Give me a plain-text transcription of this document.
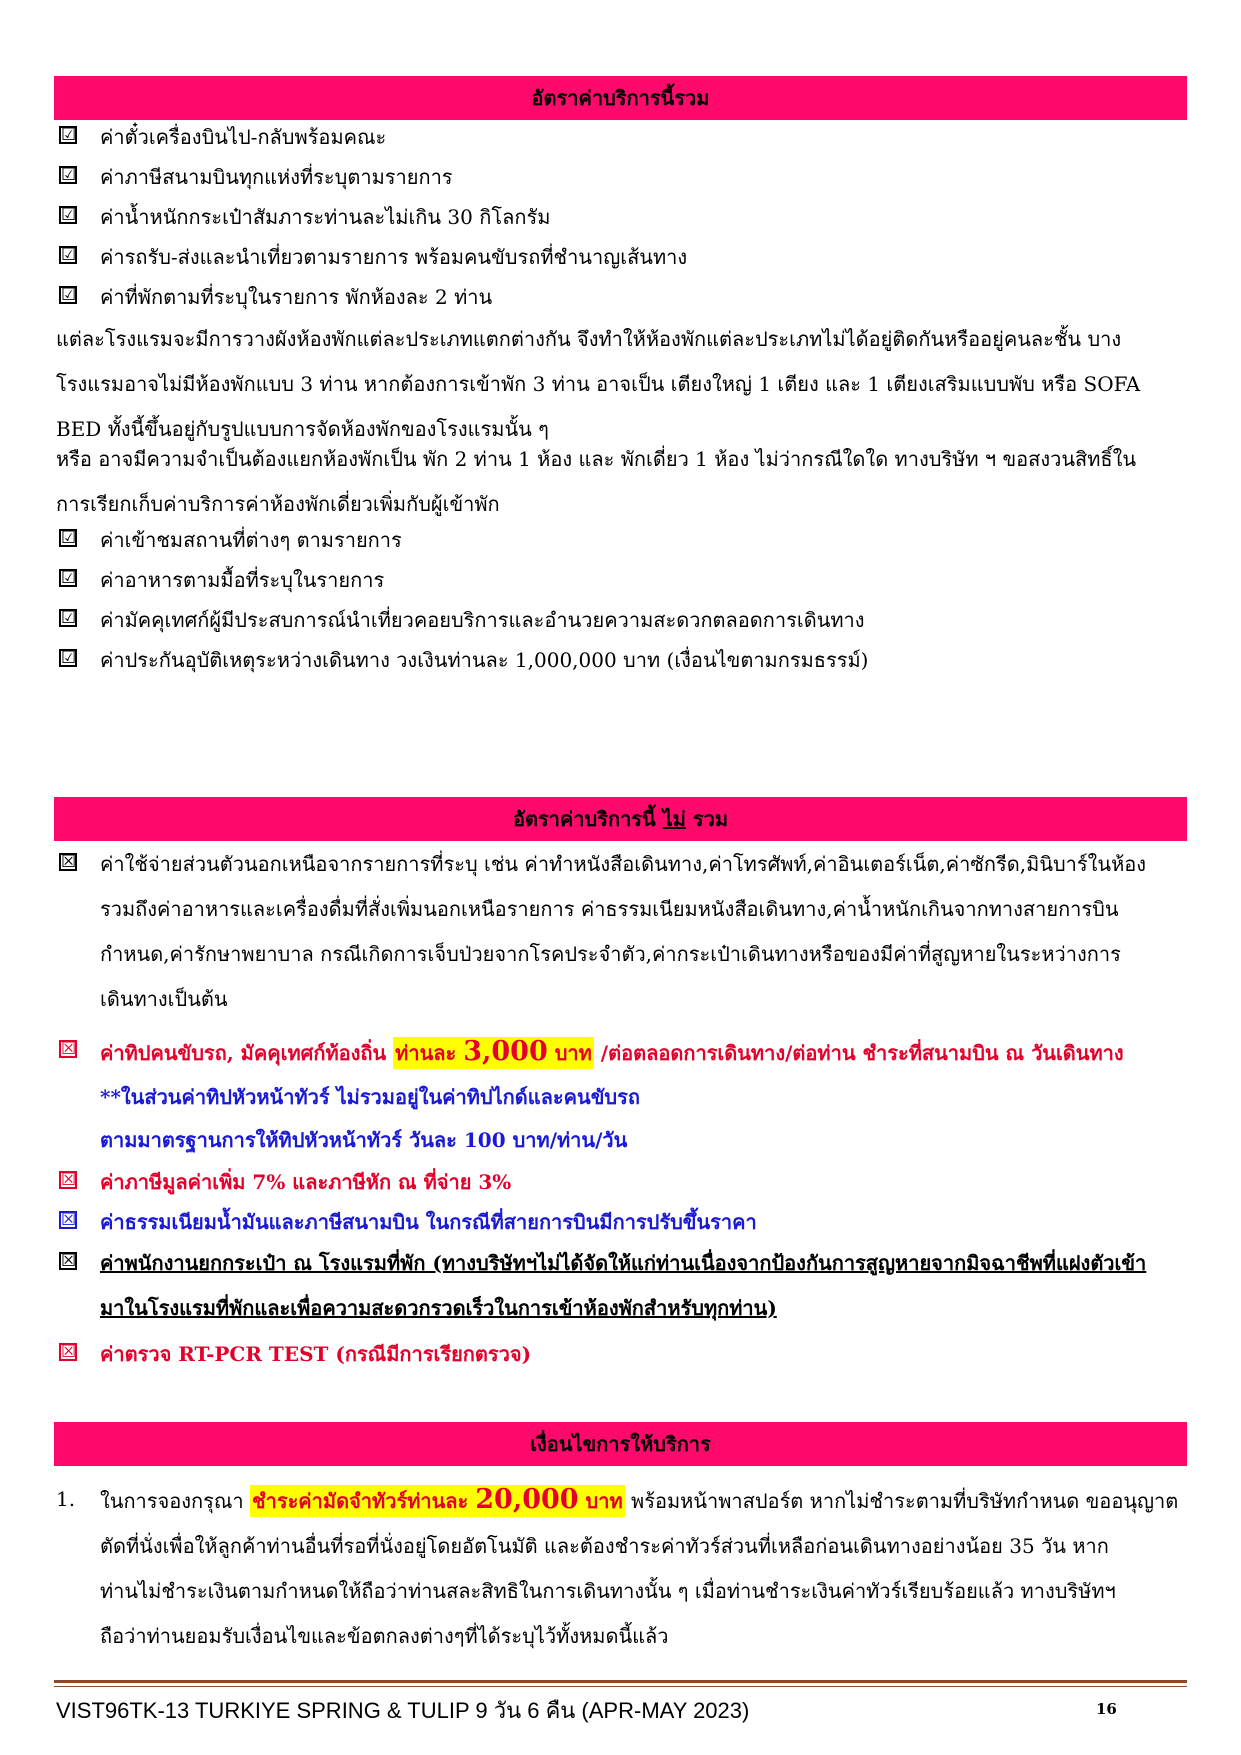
อัตราค่าบริการนี้รวม
☑ ค่าตั๋วเครื่องบินไป-กลับพร้อมคณะ
☑ ค่าภาษีสนามบินทุกแห่งที่ระบุตามรายการ
☑ ค่าน้ำหนักกระเป๋าสัมภาระท่านละไม่เกิน 30 กิโลกรัม
☑ ค่ารถรับ-ส่งและนำเที่ยวตามรายการ พร้อมคนขับรถที่ชำนาญเส้นทาง
☑ ค่าที่พักตามที่ระบุในรายการ พักห้องละ 2 ท่าน
แต่ละโรงแรมจะมีการวางผังห้องพักแต่ละประเภทแตกต่างกัน จึงทำให้ห้องพักแต่ละประเภทไม่ได้อยู่ติดกันหรืออยู่คนละชั้น บาง
โรงแรมอาจไม่มีห้องพักแบบ 3 ท่าน หากต้องการเข้าพัก 3 ท่าน อาจเป็น เตียงใหญ่ 1 เตียง และ 1 เตียงเสริมแบบพับ หรือ SOFA
BED ทั้งนี้ขึ้นอยู่กับรูปแบบการจัดห้องพักของโรงแรมนั้น ๆ
หรือ อาจมีความจำเป็นต้องแยกห้องพักเป็น พัก 2 ท่าน 1 ห้อง และ พักเดี่ยว 1 ห้อง ไม่ว่ากรณีใดใด ทางบริษัท ฯ ขอสงวนสิทธิ์ใน
การเรียกเก็บค่าบริการค่าห้องพักเดี่ยวเพิ่มกับผู้เข้าพัก
☑ ค่าเข้าชมสถานที่ต่างๆ ตามรายการ
☑ ค่าอาหารตามมื้อที่ระบุในรายการ
☑ ค่ามัคคุเทศก์ผู้มีประสบการณ์นำเที่ยวคอยบริการและอำนวยความสะดวกตลอดการเดินทาง
☑ ค่าประกันอุบัติเหตุระหว่างเดินทาง วงเงินท่านละ 1,000,000 บาท (เงื่อนไขตามกรมธรรม์)
อัตราค่าบริการนี้ ไม่ รวม
☒ ค่าใช้จ่ายส่วนตัวนอกเหนือจากรายการที่ระบุ เช่น ค่าทำหนังสือเดินทาง,ค่าโทรศัพท์,ค่าอินเตอร์เน็ต,ค่าซักรีด,มินิบาร์ในห้อง
รวมถึงค่าอาหารและเครื่องดื่มที่สั่งเพิ่มนอกเหนือรายการ ค่าธรรมเนียมหนังสือเดินทาง,ค่าน้ำหนักเกินจากทางสายการบิน
กำหนด,ค่ารักษาพยาบาล กรณีเกิดการเจ็บป่วยจากโรคประจำตัว,ค่ากระเป๋าเดินทางหรือของมีค่าที่สูญหายในระหว่างการ
เดินทางเป็นต้น
☒ ค่าทิปคนขับรถ, มัคคุเทศก์ท้องถิ่น ท่านละ 3,000 บาท /ต่อตลอดการเดินทาง/ต่อท่าน ชำระที่สนามบิน ณ วันเดินทาง
**ในส่วนค่าทิปหัวหน้าทัวร์ ไม่รวมอยู่ในค่าทิปไกด์และคนขับรถ
ตามมาตรฐานการให้ทิปหัวหน้าทัวร์ วันละ 100 บาท/ท่าน/วัน
☒ ค่าภาษีมูลค่าเพิ่ม 7% และภาษีหัก ณ ที่จ่าย 3%
☒ ค่าธรรมเนียมน้ำมันและภาษีสนามบิน ในกรณีที่สายการบินมีการปรับขึ้นราคา
☒ ค่าพนักงานยกกระเป๋า ณ โรงแรมที่พัก (ทางบริษัทฯไม่ได้จัดให้แก่ท่านเนื่องจากป้องกันการสูญหายจากมิจฉาชีพที่แฝงตัวเข้า
มาในโรงแรมที่พักและเพื่อความสะดวกรวดเร็วในการเข้าห้องพักสำหรับทุกท่าน)
☒ ค่าตรวจ RT-PCR TEST (กรณีมีการเรียกตรวจ)
เงื่อนไขการให้บริการ
1. ในการจองกรุณา ชำระค่ามัดจำทัวร์ท่านละ 20,000 บาท พร้อมหน้าพาสปอร์ต หากไม่ชำระตามที่บริษัทกำหนด ขออนุญาต
ตัดที่นั่งเพื่อให้ลูกค้าท่านอื่นที่รอที่นั่งอยู่โดยอัตโนมัติ และต้องชำระค่าทัวร์ส่วนที่เหลือก่อนเดินทางอย่างน้อย 35 วัน หาก
ท่านไม่ชำระเงินตามกำหนดให้ถือว่าท่านสละสิทธิในการเดินทางนั้น ๆ เมื่อท่านชำระเงินค่าทัวร์เรียบร้อยแล้ว ทางบริษัทฯ
ถือว่าท่านยอมรับเงื่อนไขและข้อตกลงต่างๆที่ได้ระบุไว้ทั้งหมดนี้แล้ว
VIST96TK-13 TURKIYE SPRING & TULIP 9 วัน 6 คืน (APR-MAY 2023)	16
